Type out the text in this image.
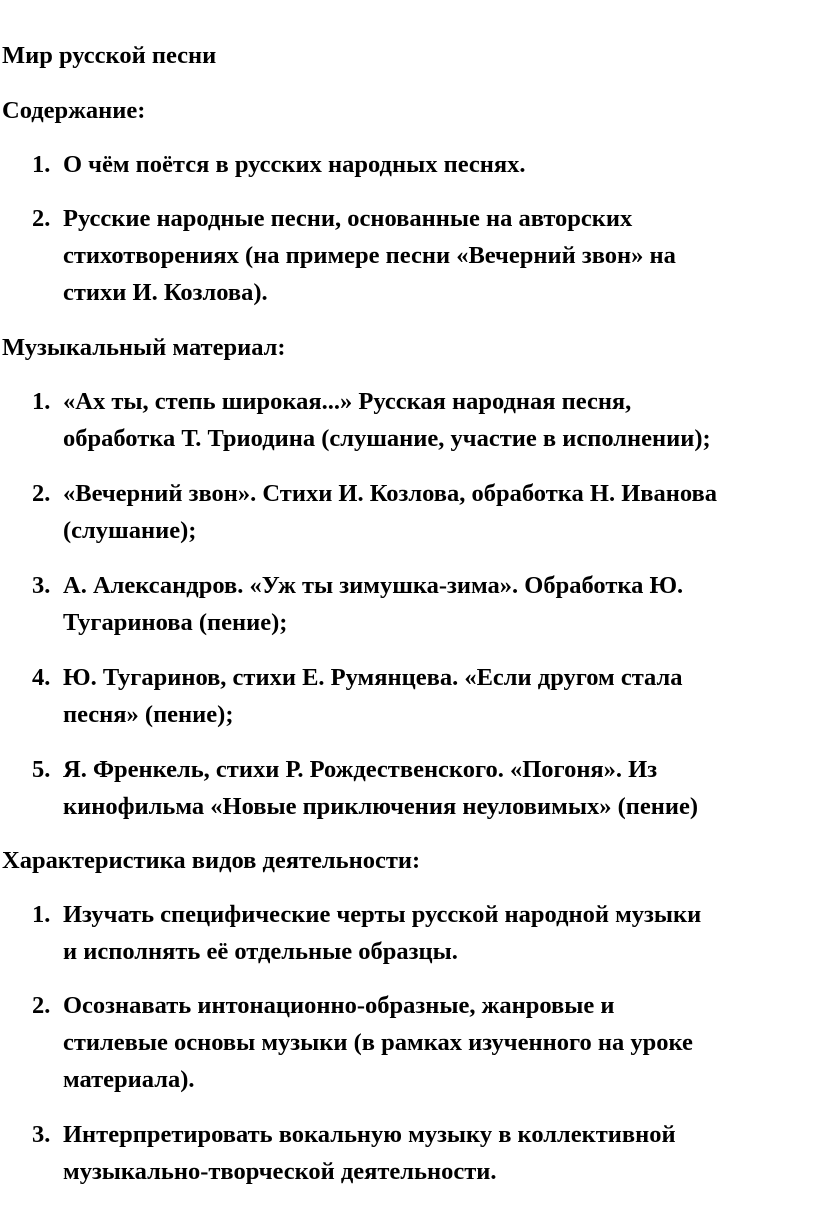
Мир русской песни
Содержание:
1. О чём поётся в русских народных песнях.
2. Русские народные песни, основанные на авторских
стихотворениях (на примере песни «Вечерний звон» на
стихи И. Козлова).
Музыкальный материал:
1. «Ах ты, степь широкая...» Русская народная песня,
обработка Т. Триодина (слушание, участие в исполнении);
2. «Вечерний звон». Стихи И. Козлова, обработка Н. Иванова
(слушание);
3. А. Александров. «Уж ты зимушка-зима». Обработка Ю.
Тугаринова (пение);
4. Ю. Тугаринов, стихи Е. Румянцева. «Если другом стала
песня» (пение);
5. Я. Френкель, стихи Р. Рождественского. «Погоня». Из
кинофильма «Новые приключения неуловимых» (пение)
Характеристика видов деятельности:
1. Изучать специфические черты русской народной музыки
и исполнять её отдельные образцы.
2. Осознавать интонационно-образные, жанровые и
стилевые основы музыки (в рамках изученного на уроке
материала).
3. Интерпретировать вокальную музыку в коллективной
музыкально-творческой деятельности.
